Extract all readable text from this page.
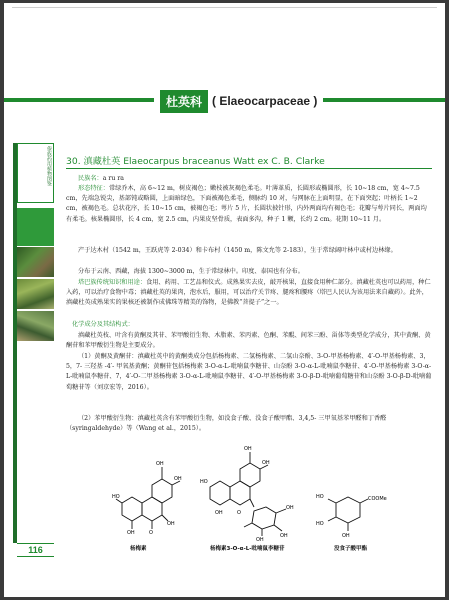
杜英科 ( Elaeocarpaceae )
傣族药用植物图鉴
116
30. 滇藏杜英 Elaeocarpus braceanus Watt ex C. B. Clarke
民族名：a ru ra
形态特征：常绿乔木，高 6~12 m，树皮褐色；嫩枝被灰褐色柔毛。叶薄革质，长圆形或椭圆形，长 10~18 cm，宽 4~7.5 cm，先端急锐尖，基部钝或略圆，上面暗绿色，下面被褐色柔毛，侧脉约 10 对，与网脉在上面明显，在下面突起；叶柄长 1~2 cm，被褐色毛。总状花序，长 10~15 cm，被褐色毛；萼片 5 片，长圆状披针形，内外两面均有褐色毛；花瓣与萼片同长，两面均有柔毛。核果椭圆形，长 4 cm，宽 2.5 cm，内果皮坚骨质，表面多沟，种子 1 颗，长约 2 cm。花期 10~11 月。
产于达木村（1542 m，王跃虎等 2-034）和卡布村（1450 m，陈文允等 2-183），生于常绿阔叶林中或村边林缘。
分布于云南、西藏，海拔 1300~3000 m，生于常绿林中。印度、泰国也有分布。
塔巴族传统知识和用途：食用、药用、工艺品和仪式。成熟果实去皮，敲开核果，直接食用种仁部分。滇藏杜英也可以药用，种仁入药，可以治疗食物中毒；滇藏杜英的果肉，泡水后，服用，可以治疗关节疼、腿疼和腰疼（塔巴人民认为该用法来自藏药）。此外，滇藏杜英成熟果实的果核还被制作成佛珠等精美的饰物，是佛教“菩提子”之一。
化学成分及其结构式：
滇藏杜英枝、叶含有黄酮及其苷、苯甲酸衍生物、木脂素、苯丙素、色酮、苯醌、间苯三酚、甾体等类型化学成分，其中黄酮、黄酮苷和苯甲酸衍生物是主要成分。
（1）黄酮及黄酮苷：滇藏杜英中的黄酮类成分包括杨梅素、二氢杨梅素、二氢山奈酚、3-O-甲基杨梅素、4′-O-甲基杨梅素、3，5，7- 三羟基 -4′- 甲氧基黄酮；黄酮苷包括杨梅素 3-O-α-L-吡喃鼠李糖苷、山奈酚 3-O-α-L-吡喃鼠李糖苷、4′-O-甲基杨梅素 3-O-α-L-吡喃鼠李糖苷、7，4′-O-二甲基杨梅素 3-O-α-L-吡喃鼠李糖苷、4′-O-甲基杨梅素 3-O-β-D-吡喃葡萄糖苷和山奈酚 3-O-β-D-吡喃葡萄糖苷等（刘京宏等，2016）。
（2）苯甲酸衍生物：滇藏杜英含有苯甲酸衍生物，如没食子酸、没食子酸甲酯、3,4,5- 三甲氧基苯甲醛和丁香醛（syringaldehyde）等（Wang et al.，2015）。
OH
OH
HO
OH	O
OH
杨梅素
OH
OH
HO
OH	O
OH
OH
OH
杨梅素3-O-α-L-吡喃鼠李糖苷
COOMe
HO
HO
OH
没食子酸甲酯
